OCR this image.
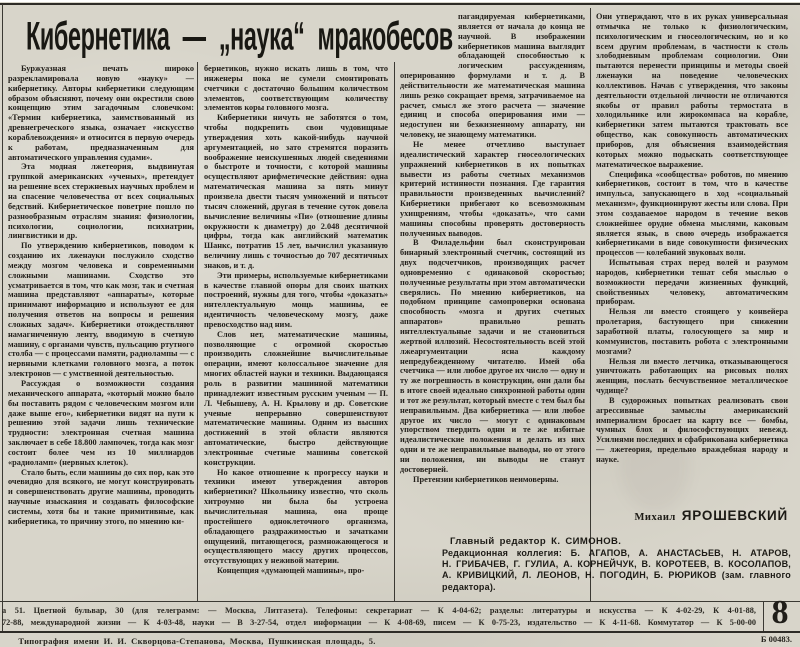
Кибернетика — „наука“ мракобесов

Буржуазная печать широко разрекламировала новую «науку» — кибернетику. Авторы кибернетики следующим образом объясняют, почему они окрестили свою концепцию этим загадочным словечком: «Термин кибернетика, заимствованный из древнегреческого языка, означает «искусство кораблевождения» и относится в первую очередь к работам, предназначенным для автоматического управления судами».

Эта модная лжетеория, выдвинутая группкой американских «ученых», претендует на решение всех стержневых научных проблем и на спасение человечества от всех социальных бедствий. Кибернетическое поветрие пошло по разнообразным отраслям знания: физиологии, психологии, социологии, психиатрии, лингвистики и др.

По утверждению кибернетиков, поводом к созданию их лженауки послужило сходство между мозгом человека и современными сложными машинами. Сходство это усматривается в том, что как мозг, так и счетная машина представляют «аппараты», которые принимают информацию и используют ее для получения ответов на вопросы и решения сложных задач». Кибернетики отождествляют намагниченную ленту, вводимую в счетную машину, с органами чувств, пульсацию ртутного столба — с процессами памяти, радиолампы — с нервными клетками головного мозга, а поток электронов — с умственной деятельностью.

Рассуждая о возможности создания механического аппарата, «который можно было бы поставить рядом с человеческим мозгом или даже выше его», кибернетики видят на пути к решению этой задачи лишь технические трудности: электронная счетная машина заключает в себе 18.800 лампочек, тогда как мозг состоит более чем из 10 миллиардов «радиоламп» (нервных клеток).

Стало быть, если машины до сих пор, как это очевидно для всякого, не могут конструировать и совершенствовать другие машины, проводить научные изыскания и создавать философские системы, хотя бы и такие примитивные, как кибернетика, то причину этого, по мнению ки-

бернетиков, нужно искать лишь в том, что инженеры пока не сумели смонтировать счетчики с достаточно большим количеством элементов, соответствующим количеству элементов коры головного мозга.

Кибернетики ничуть не заботятся о том, чтобы подкрепить свои чудовищные утверждения хоть какой-нибудь научной аргументацией, но зато стремятся поразить воображение неискушенных людей сведениями о быстроте и точности, с которой машины осуществляют арифметические действия: одна математическая машина за пять минут произвела двести тысяч умножений и пятьсот тысяч сложений, другая в течение суток довела вычисление величины «Пи» (отношение длины окружности к диаметру) до 2.048 десятичной цифры, тогда как английский математик Шанкс, потратив 15 лет, вычислил указанную величину лишь с точностью до 707 десятичных знаков, и т. д.

Эти примеры, используемые кибернетиками в качестве главной опоры для своих шатких построений, нужны для того, чтобы «доказать» интеллектуальную мощь машины, ее идентичность человеческому мозгу, даже превосходство над ним.

Слов нет, математические машины, позволяющие с огромной скоростью производить сложнейшие вычислительные операции, имеют колоссальное значение для многих областей науки и техники. Выдающаяся роль в развитии машинной математики принадлежит известным русским ученым — П. Л. Чебышеву, А. Н. Крылову и др. Советские ученые непрерывно совершенствуют математические машины. Одним из высших достижений в этой области являются автоматические, быстро действующие электронные счетные машины советской конструкции.

Но какое отношение к прогрессу науки и техники имеют утверждения авторов кибернетики? Школьнику известно, что сколь хитроумно ни была бы устроена вычислительная машина, она проще простейшего одноклеточного организма, обладающего раздражимостью и зачатками ощущений, питающегося, размножающегося и осуществляющего массу других процессов, отсутствующих у неживой материи.

Концепция «думающей машины», про-

пагандируемая кибернетиками, является от начала до конца не научной. В изображении кибернетиков машина выглядит обладающей способностью к логическим рассуждениям, оперированию формулами и т. д. В действительности же математическая машина лишь резко сокращает время, затрачиваемое на расчет, смысл же этого расчета — значение единиц и способа оперирования ими — недоступен ни безжизненному аппарату, ни человеку, не знающему математики.

Не менее отчетливо выступает идеалистический характер гносеологических упражнений кибернетиков в их попытках вывести из работы счетных механизмов критерий истинности познания. Где гарантия правильности произведенных вычислений? Кибернетики прибегают ко всевозможным ухищрениям, чтобы «доказать», что сами машины способны проверять достоверность полученных выводов.

В Филадельфии был сконструирован бинарный электронный счетчик, состоящий из двух подсчетчиков, производящих расчет одновременно с одинаковой скоростью; полученные результаты при этом автоматически сверялись. По мнению кибернетиков, на подобном принципе самопроверки основана способность «мозга и других счетных аппаратов» правильно решать интеллектуальные задачи и не становиться жертвой иллюзий. Несостоятельность всей этой лжеаргументации ясна каждому непредубежденному читателю. Имей оба счетчика — или любое другое их число — одну и ту же погрешность в конструкции, они дали бы в итоге своей идеально синхронной работы один и тот же результат, который вместе с тем был бы неправильным. Два кибернетика — или любое другое их число — могут с одинаковым упорством твердить одни и те же избитые идеалистические положения и делать из них одни и те же неправильные выводы, но от этого ни положения, ни выводы не станут достоверней.

Претензии кибернетиков неимоверны.

Они утверждают, что в их руках универсальная отмычка не только к физиологическим, психологическим и гносеологическим, но и ко всем другим проблемам, в частности к столь злободневным проблемам социологии. Они пытаются перенести принципы и методы своей лженауки на поведение человеческих коллективов. Начав с утверждения, что законы деятельности отдельной личности не отличаются якобы от правил работы термостата в холодильнике или жирокомпаса на корабле, кибернетики затем пытаются трактовать все общество, как совокупность автоматических приборов, для объяснения взаимодействия которых можно подыскать соответствующее математическое выражение.

Специфика «сообщества» роботов, по мнению кибернетиков, состоит в том, что в качестве импульса, запускающего в ход «социальный механизм», функционируют жесты или слова. При этом создаваемое народом в течение веков сложнейшее орудие обмена мыслями, каковым является язык, в свою очередь изображается кибернетиками в виде совокупности физических процессов — колебаний звуковых волн.

Испытывая страх перед волей и разумом народов, кибернетики тешат себя мыслью о возможности передачи жизненных функций, свойственных человеку, автоматическим приборам.

Нельзя ли вместо стоящего у конвейера пролетария, бастующего при снижении заработной платы, голосующего за мир и коммунистов, поставить робота с электронными мозгами?

Нельзя ли вместо летчика, отказывающегося уничтожать работающих на рисовых полях женщин, послать бесчувственное металлическое чудище?

В судорожных попытках реализовать свои агрессивные замыслы американский империализм бросает на карту все — бомбы, чумных блох и философствующих невежд. Усилиями последних и сфабрикована кибернетика — лжетеория, предельно враждебная народу и науке.

Михаил ЯРОШЕВСКИЙ
Главный редактор К. СИМОНОВ.
Редакционная коллегия: Б. АГАПОВ, А. АНАСТАСЬЕВ, Н. АТАРОВ,
Н. ГРИБАЧЕВ, Г. ГУЛИА, А. КОРНЕЙЧУК, В. КОРОТЕЕВ, В. КОСОЛАПОВ,
А. КРИВИЦКИЙ, Л. ЛЕОНОВ, Н. ПОГОДИН, Б. РЮРИКОВ (зам. главного
редактора).
а 51. Цветной бульвар, 30 (для телеграмм: — Москва, Литгазета). Телефоны: секретариат — К 4-04-62; разделы: литературы и искусства — К 4-02-29, К 4-01-88,
72-88, международной жизни — К 4-03-48, науки — В 3-27-54, отдел информации — К 4-08-69, писем — К 0-75-23, издательство — К 4-11-68. Коммутатор — К 5-00-00 8
Типография имени И. И. Скворцова-Степанова, Москва, Пушкинская площадь, 5.	Б 00483.
